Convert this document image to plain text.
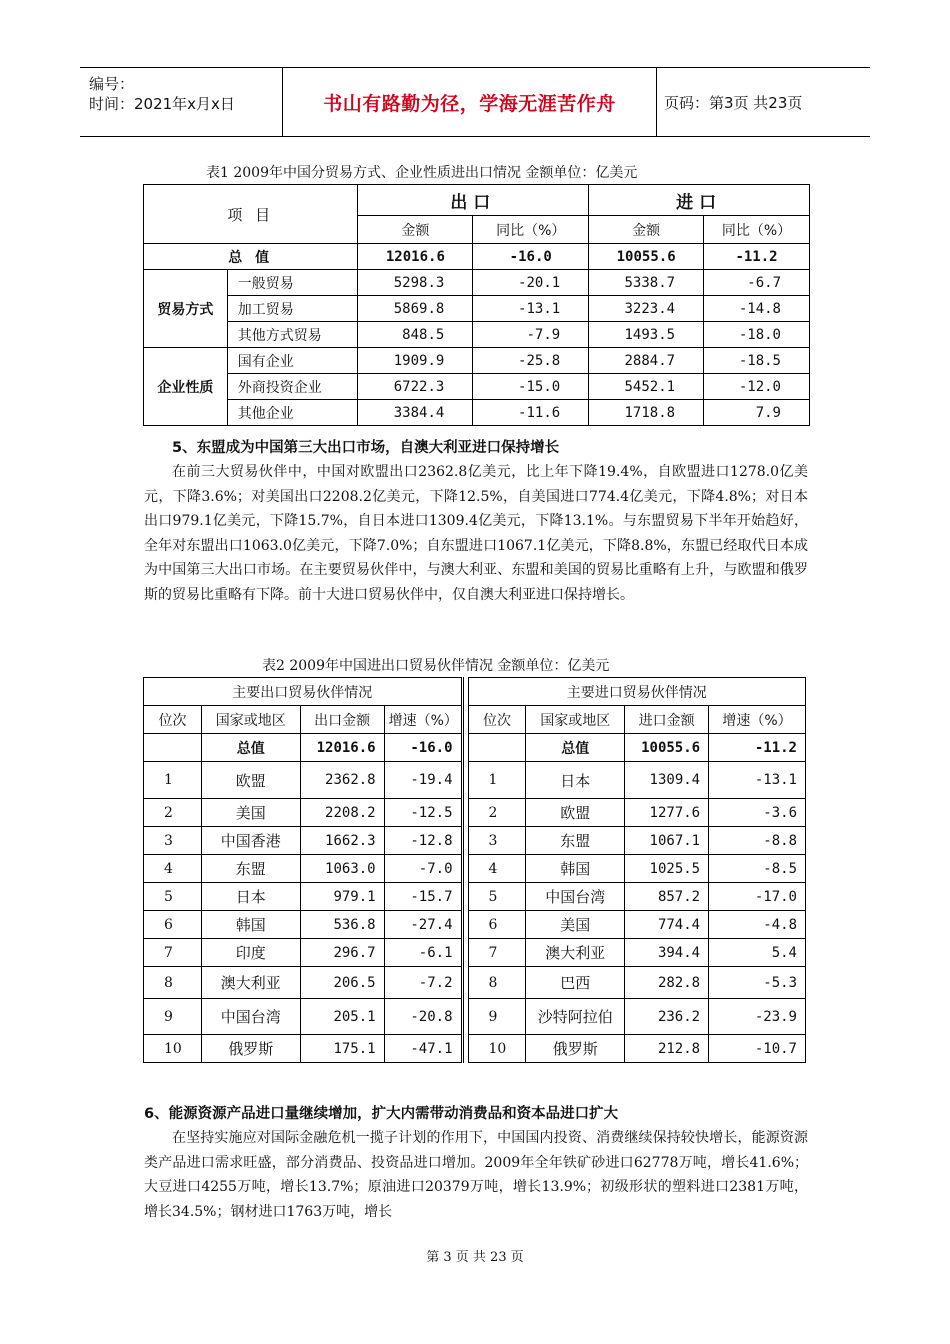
编号：
时间：2021年x月x日	书山有路勤为径，学海无涯苦作舟	页码：第3页 共23页
表1 2009年中国分贸易方式、企业性质进出口情况 金额单位：亿美元
项 目		出口		进口	
		金额	同比（%）	金额	同比（%）
总 值		12016.6	-16.0	10055.6	-11.2
贸易方式	一般贸易	5298.3	-20.1	5338.7	-6.7
	加工贸易	5869.8	-13.1	3223.4	-14.8
	其他方式贸易	848.5	-7.9	1493.5	-18.0
企业性质	国有企业	1909.9	-25.8	2884.7	-18.5
	外商投资企业	6722.3	-15.0	5452.1	-12.0
	其他企业	3384.4	-11.6	1718.8	7.9
5、东盟成为中国第三大出口市场，自澳大利亚进口保持增长

在前三大贸易伙伴中，中国对欧盟出口2362.8亿美元，比上年下降19.4%，自欧盟进口1278.0亿美元，下降3.6%；对美国出口2208.2亿美元，下降12.5%，自美国进口774.4亿美元，下降4.8%；对日本出口979.1亿美元，下降15.7%，自日本进口1309.4亿美元，下降13.1%。与东盟贸易下半年开始趋好，全年对东盟出口1063.0亿美元，下降7.0%；自东盟进口1067.1亿美元，下降8.8%，东盟已经取代日本成为中国第三大出口市场。在主要贸易伙伴中，与澳大利亚、东盟和美国的贸易比重略有上升，与欧盟和俄罗斯的贸易比重略有下降。前十大进口贸易伙伴中，仅自澳大利亚进口保持增长。

表2 2009年中国进出口贸易伙伴情况 金额单位：亿美元
主要出口贸易伙伴情况					主要进口贸易伙伴情况			
位次	国家或地区	出口金额	增速（%）		位次	国家或地区	进口金额	增速（%）
	总值	12016.6	-16.0			总值	10055.6	-11.2
1	欧盟	2362.8	-19.4		1	日本	1309.4	-13.1
2	美国	2208.2	-12.5		2	欧盟	1277.6	-3.6
3	中国香港	1662.3	-12.8		3	东盟	1067.1	-8.8
4	东盟	1063.0	-7.0		4	韩国	1025.5	-8.5
5	日本	979.1	-15.7		5	中国台湾	857.2	-17.0
6	韩国	536.8	-27.4		6	美国	774.4	-4.8
7	印度	296.7	-6.1		7	澳大利亚	394.4	5.4
8	澳大利亚	206.5	-7.2		8	巴西	282.8	-5.3
9	中国台湾	205.1	-20.8		9	沙特阿拉伯	236.2	-23.9
10	俄罗斯	175.1	-47.1		10	俄罗斯	212.8	-10.7
6、能源资源产品进口量继续增加，扩大内需带动消费品和资本品进口扩大

在坚持实施应对国际金融危机一揽子计划的作用下，中国国内投资、消费继续保持较快增长，能源资源类产品进口需求旺盛，部分消费品、投资品进口增加。2009年全年铁矿砂进口62778万吨，增长41.6%；大豆进口4255万吨，增长13.7%；原油进口20379万吨，增长13.9%；初级形状的塑料进口2381万吨，增长34.5%；钢材进口1763万吨，增长

第 3 页 共 23 页
